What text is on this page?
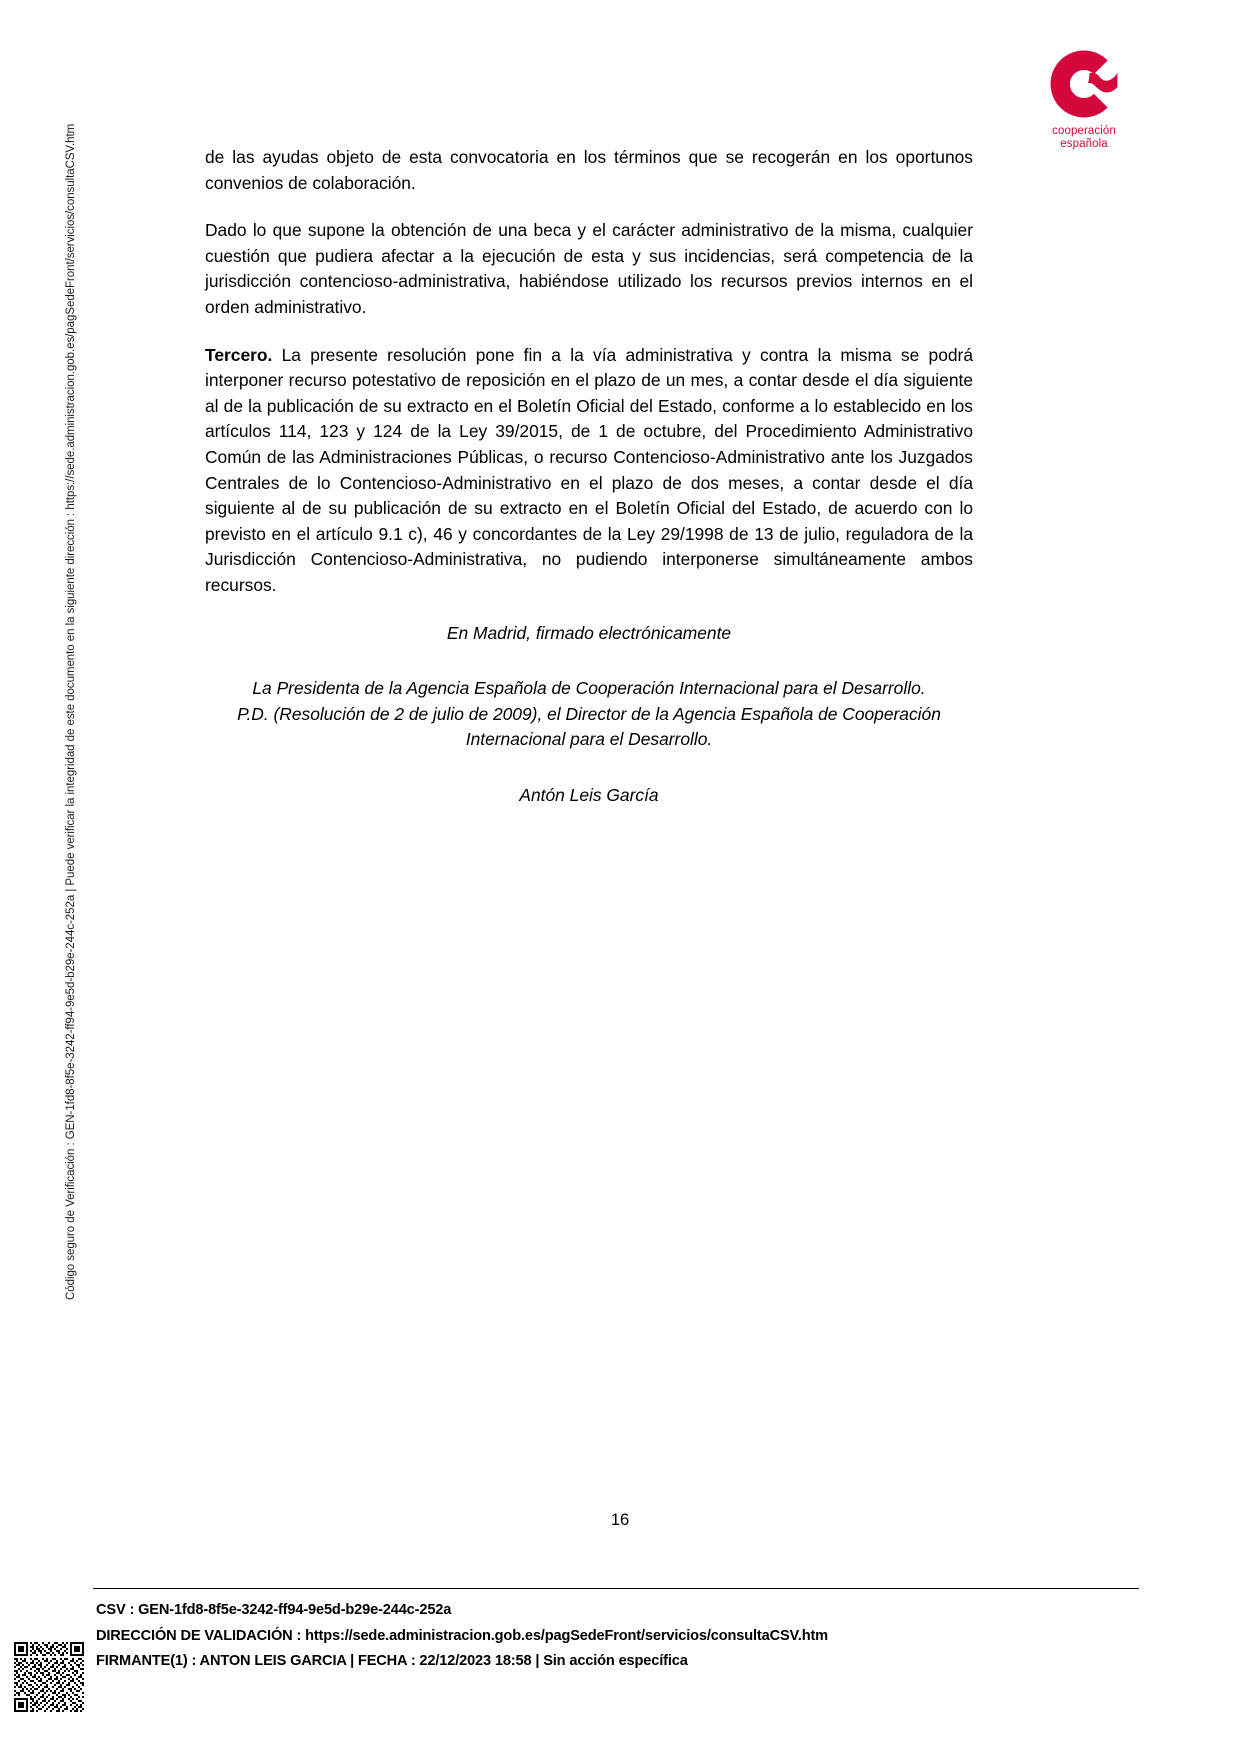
cooperación
española
Código seguro de Verificación : GEN-1fd8-8f5e-3242-ff94-9e5d-b29e-244c-252a | Puede verificar la integridad de este documento en la siguiente dirección : https://sede.administracion.gob.es/pagSedeFront/servicios/consultaCSV.htm	de las ayudas objeto de esta convocatoria en los términos que se recogerán en los oportunos convenios de colaboración.

Dado lo que supone la obtención de una beca y el carácter administrativo de la misma, cualquier cuestión que pudiera afectar a la ejecución de esta y sus incidencias, será competencia de la jurisdicción contencioso-administrativa, habiéndose utilizado los recursos previos internos en el orden administrativo.

Tercero. La presente resolución pone fin a la vía administrativa y contra la misma se podrá interponer recurso potestativo de reposición en el plazo de un mes, a contar desde el día siguiente al de la publicación de su extracto en el Boletín Oficial del Estado, conforme a lo establecido en los artículos 114, 123 y 124 de la Ley 39/2015, de 1 de octubre, del Procedimiento Administrativo Común de las Administraciones Públicas, o recurso Contencioso-Administrativo ante los Juzgados Centrales de lo Contencioso-Administrativo en el plazo de dos meses, a contar desde el día siguiente al de su publicación de su extracto en el Boletín Oficial del Estado, de acuerdo con lo previsto en el artículo 9.1 c), 46 y concordantes de la Ley 29/1998 de 13 de julio, reguladora de la Jurisdicción Contencioso-Administrativa, no pudiendo interponerse simultáneamente ambos recursos.

En Madrid, firmado electrónicamente

La Presidenta de la Agencia Española de Cooperación Internacional para el Desarrollo.

P.D. (Resolución de 2 de julio de 2009), el Director de la Agencia Española de Cooperación

Internacional para el Desarrollo.

Antón Leis García

16
CSV : GEN-1fd8-8f5e-3242-ff94-9e5d-b29e-244c-252a
DIRECCIÓN DE VALIDACIÓN : https://sede.administracion.gob.es/pagSedeFront/servicios/consultaCSV.htm
FIRMANTE(1) : ANTON LEIS GARCIA | FECHA : 22/12/2023 18:58 | Sin acción específica
